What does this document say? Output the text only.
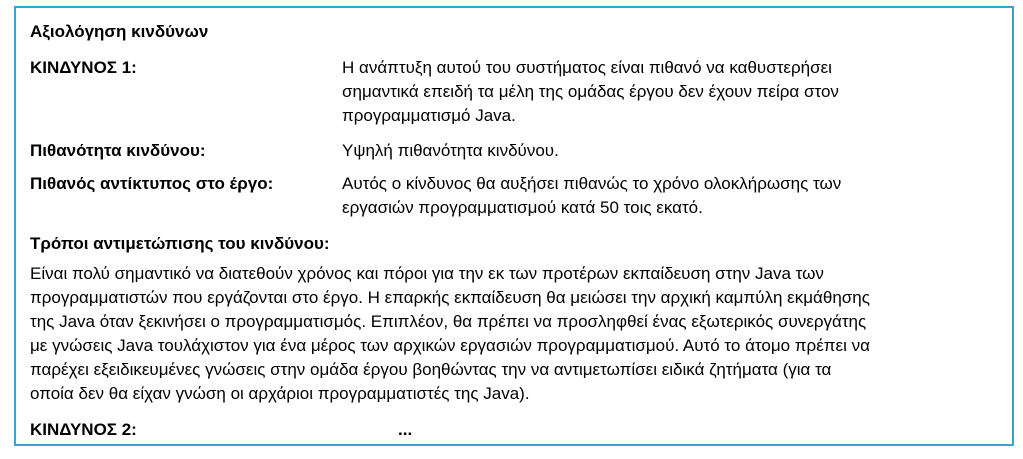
Αξιολόγηση κινδύνων
ΚΙΝΔΥΝΟΣ 1:	Η ανάπτυξη αυτού του συστήματος είναι πιθανό να καθυστερήσει
σημαντικά επειδή τα μέλη της ομάδας έργου δεν έχουν πείρα στον
προγραμματισμό Java.
Πιθανότητα κινδύνου:	Υψηλή πιθανότητα κινδύνου.
Πιθανός αντίκτυπος στο έργο:	Αυτός ο κίνδυνος θα αυξήσει πιθανώς το χρόνο ολοκλήρωσης των
εργασιών προγραμματισμού κατά 50 τοις εκατό.
Τρόποι αντιμετώπισης του κινδύνου:
Είναι πολύ σημαντικό να διατεθούν χρόνος και πόροι για την εκ των προτέρων εκπαίδευση στην Java των
προγραμματιστών που εργάζονται στο έργο. Η επαρκής εκπαίδευση θα μειώσει την αρχική καμπύλη εκμάθησης
της Java όταν ξεκινήσει ο προγραμματισμός. Επιπλέον, θα πρέπει να προσληφθεί ένας εξωτερικός συνεργάτης
με γνώσεις Java τουλάχιστον για ένα μέρος των αρχικών εργασιών προγραμματισμού. Αυτό το άτομο πρέπει να
παρέχει εξειδικευμένες γνώσεις στην ομάδα έργου βοηθώντας την να αντιμετωπίσει ειδικά ζητήματα (για τα
οποία δεν θα είχαν γνώση οι αρχάριοι προγραμματιστές της Java).
ΚΙΝΔΥΝΟΣ 2:	...
